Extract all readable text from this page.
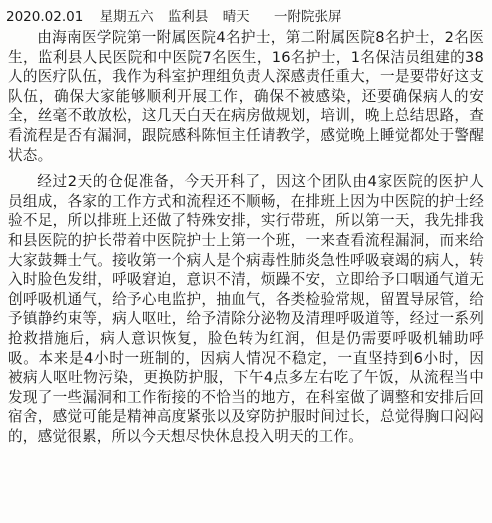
2020.02.01 星期五六 监利县 晴天 一附院张屏

由海南医学院第一附属医院4名护士，第二附属医院8名护士，2名医生，监利县人民医院和中医院7名医生，16名护士，1名保洁员组建的38人的医疗队伍，我作为科室护理组负责人深感责任重大，一是要带好这支队伍，确保大家能够顺利开展工作，确保不被感染，还要确保病人的安全，丝毫不敢放松，这几天白天在病房做规划，培训，晚上总结思路，查看流程是否有漏洞，跟院感科陈恒主任请教学，感觉晚上睡觉都处于警醒状态。

经过2天的仓促准备，今天开科了，因这个团队由4家医院的医护人员组成，各家的工作方式和流程还不顺畅，在排班上因为中医院的护士经验不足，所以排班上还做了特殊安排，实行带班，所以第一天，我先排我和县医院的护长带着中医院护士上第一个班，一来查看流程漏洞，而来给大家鼓舞士气。接收第一个病人是个病毒性肺炎急性呼吸衰竭的病人，转入时脸色发绀，呼吸窘迫，意识不清，烦躁不安，立即给予口咽通气道无创呼吸机通气，给予心电监护，抽血气，各类检验常规，留置导尿管，给予镇静约束等，病人呕吐，给予清除分泌物及清理呼吸道等，经过一系列抢救措施后，病人意识恢复，脸色转为红润，但是仍需要呼吸机辅助呼吸。本来是4小时一班制的，因病人情况不稳定，一直坚持到6小时，因被病人呕吐物污染，更换防护服，下午4点多左右吃了午饭，从流程当中发现了一些漏洞和工作衔接的不恰当的地方，在科室做了调整和安排后回宿舍，感觉可能是精神高度紧张以及穿防护服时间过长，总觉得胸口闷闷的，感觉很累，所以今天想尽快休息投入明天的工作。
